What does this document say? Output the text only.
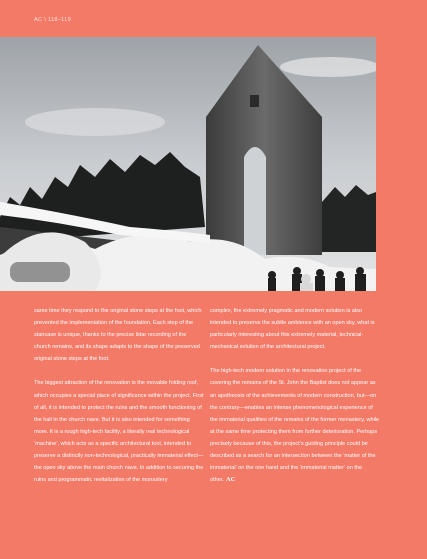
AC \ 118–119

same time they respond to the original stone steps at the foot, which prevented the implementation of the foundation. Each step of the staircase is unique, thanks to the precise lidar recording of the church remains, and its shape adapts to the shape of the preserved original stone steps at the foot.

The biggest attraction of the renovation is the movable folding roof, which occupies a special place of significance within the project. First of all, it is intended to protect the ruins and the smooth functioning of the hall in the church nave. But it is also intended for something more. It is a rough high-tech facility, a literally real technological ‘machine’, which acts as a specific architectural tool, intended to preserve a distinctly non-technological, practically immaterial effect—the open sky above the main church nave. In addition to securing the ruins and programmatic revitalization of the monastery

complex, the extremely pragmatic and modern solution is also intended to preserve the subtle ambience with an open sky, what is particularly interesting about this extremely material, technical-mechanical solution of the architectural project.

The high-tech modern solution in the renovation project of the covering the remains of the St. John the Baptist does not appear as an apotheosis of the achievements of modern construction, but—on the contrary—enables an intense phenomenological experience of the immaterial qualities of the remains of the former monastery, while at the same time protecting them from further deterioration. Perhaps precisely because of this, the project’s guiding principle could be described as a search for an intersection between the ‘matter of the immaterial’ on the one hand and the ‘immaterial matter’ on the other. AC
